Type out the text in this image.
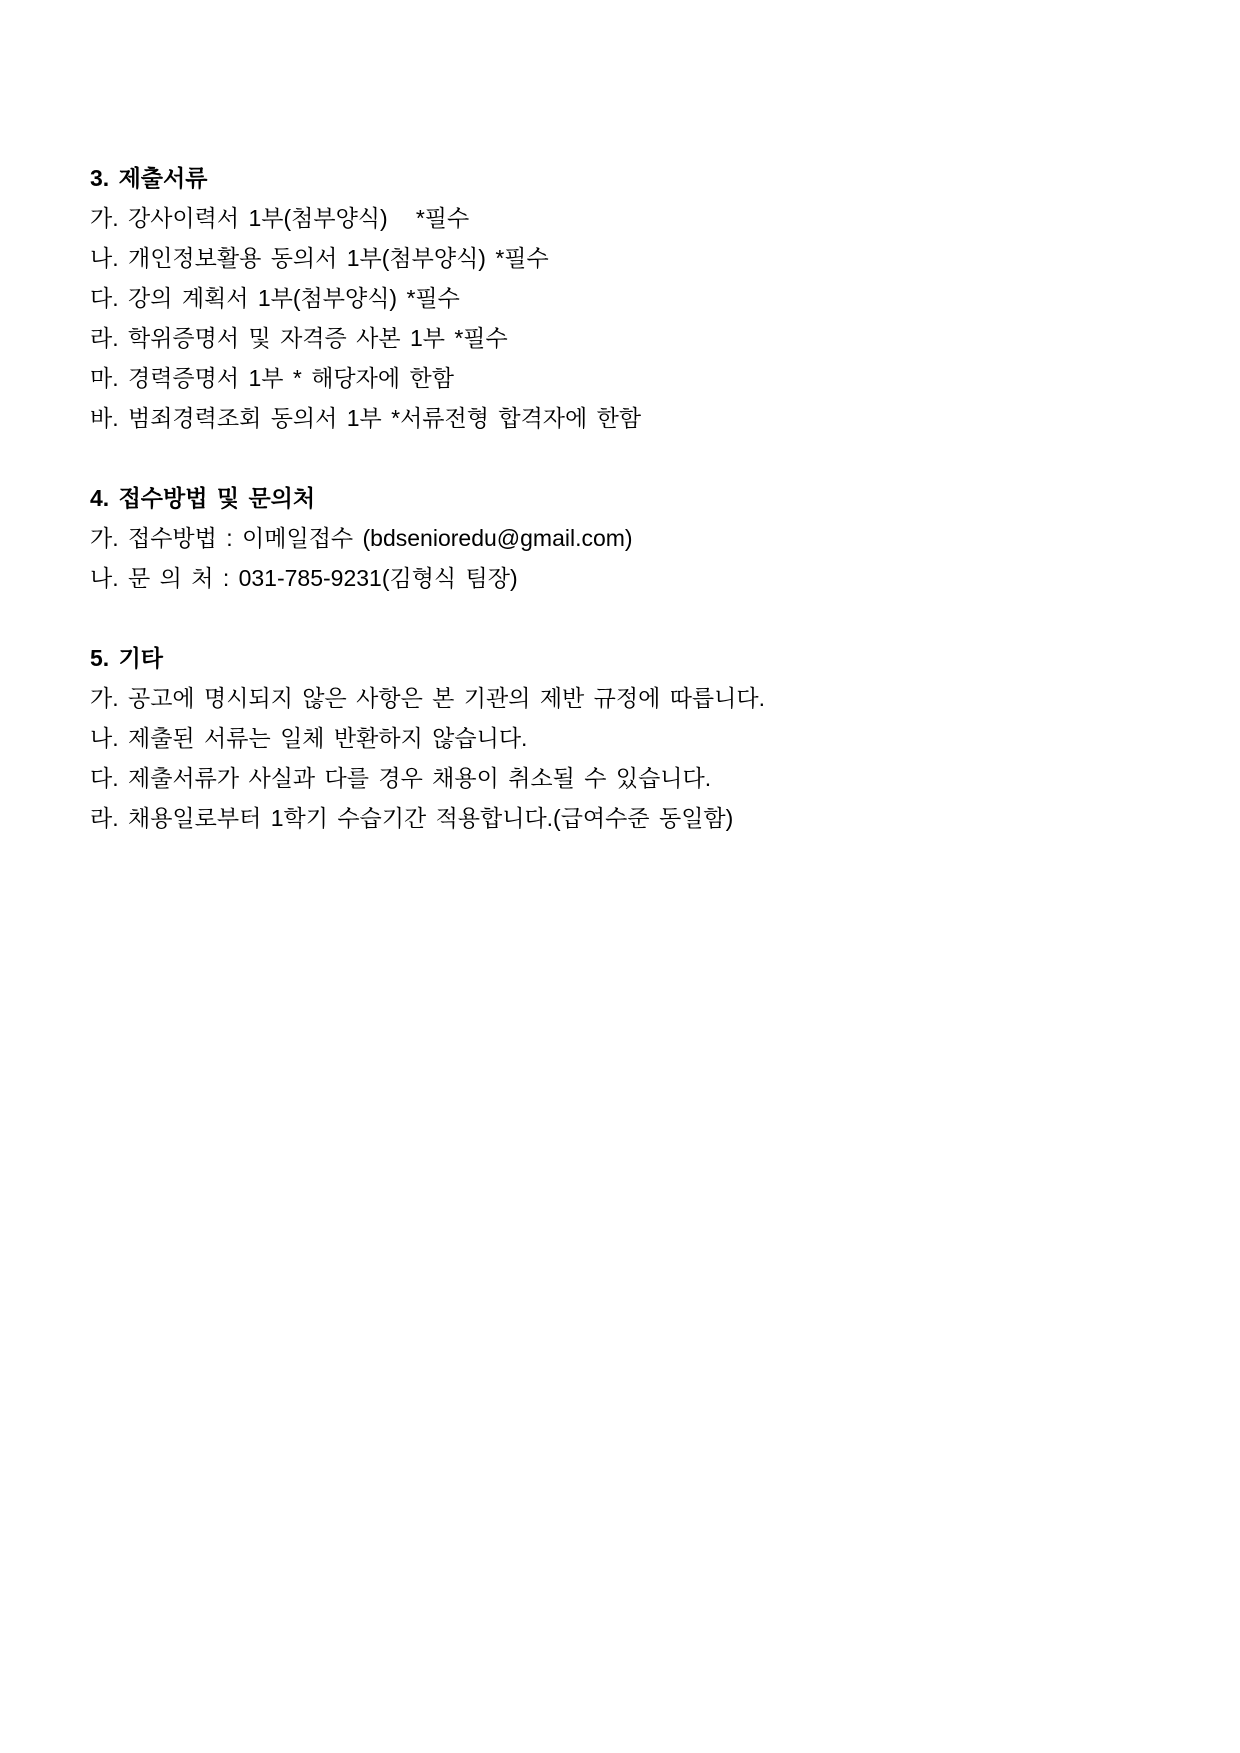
3. 제출서류
가. 강사이력서 1부(첨부양식)   *필수
나. 개인정보활용 동의서 1부(첨부양식) *필수
다. 강의 계획서 1부(첨부양식) *필수
라. 학위증명서 및 자격증 사본 1부 *필수
마. 경력증명서 1부 * 해당자에 한함
바. 범죄경력조회 동의서 1부 *서류전형 합격자에 한함
4. 접수방법 및 문의처
가. 접수방법 : 이메일접수 (bdsenioredu@gmail.com)
나. 문 의 처 : 031-785-9231(김형식 팀장)
5. 기타
가. 공고에 명시되지 않은 사항은 본 기관의 제반 규정에 따릅니다.
나. 제출된 서류는 일체 반환하지 않습니다.
다. 제출서류가 사실과 다를 경우 채용이 취소될 수 있습니다.
라. 채용일로부터 1학기 수습기간 적용합니다.(급여수준 동일함)
